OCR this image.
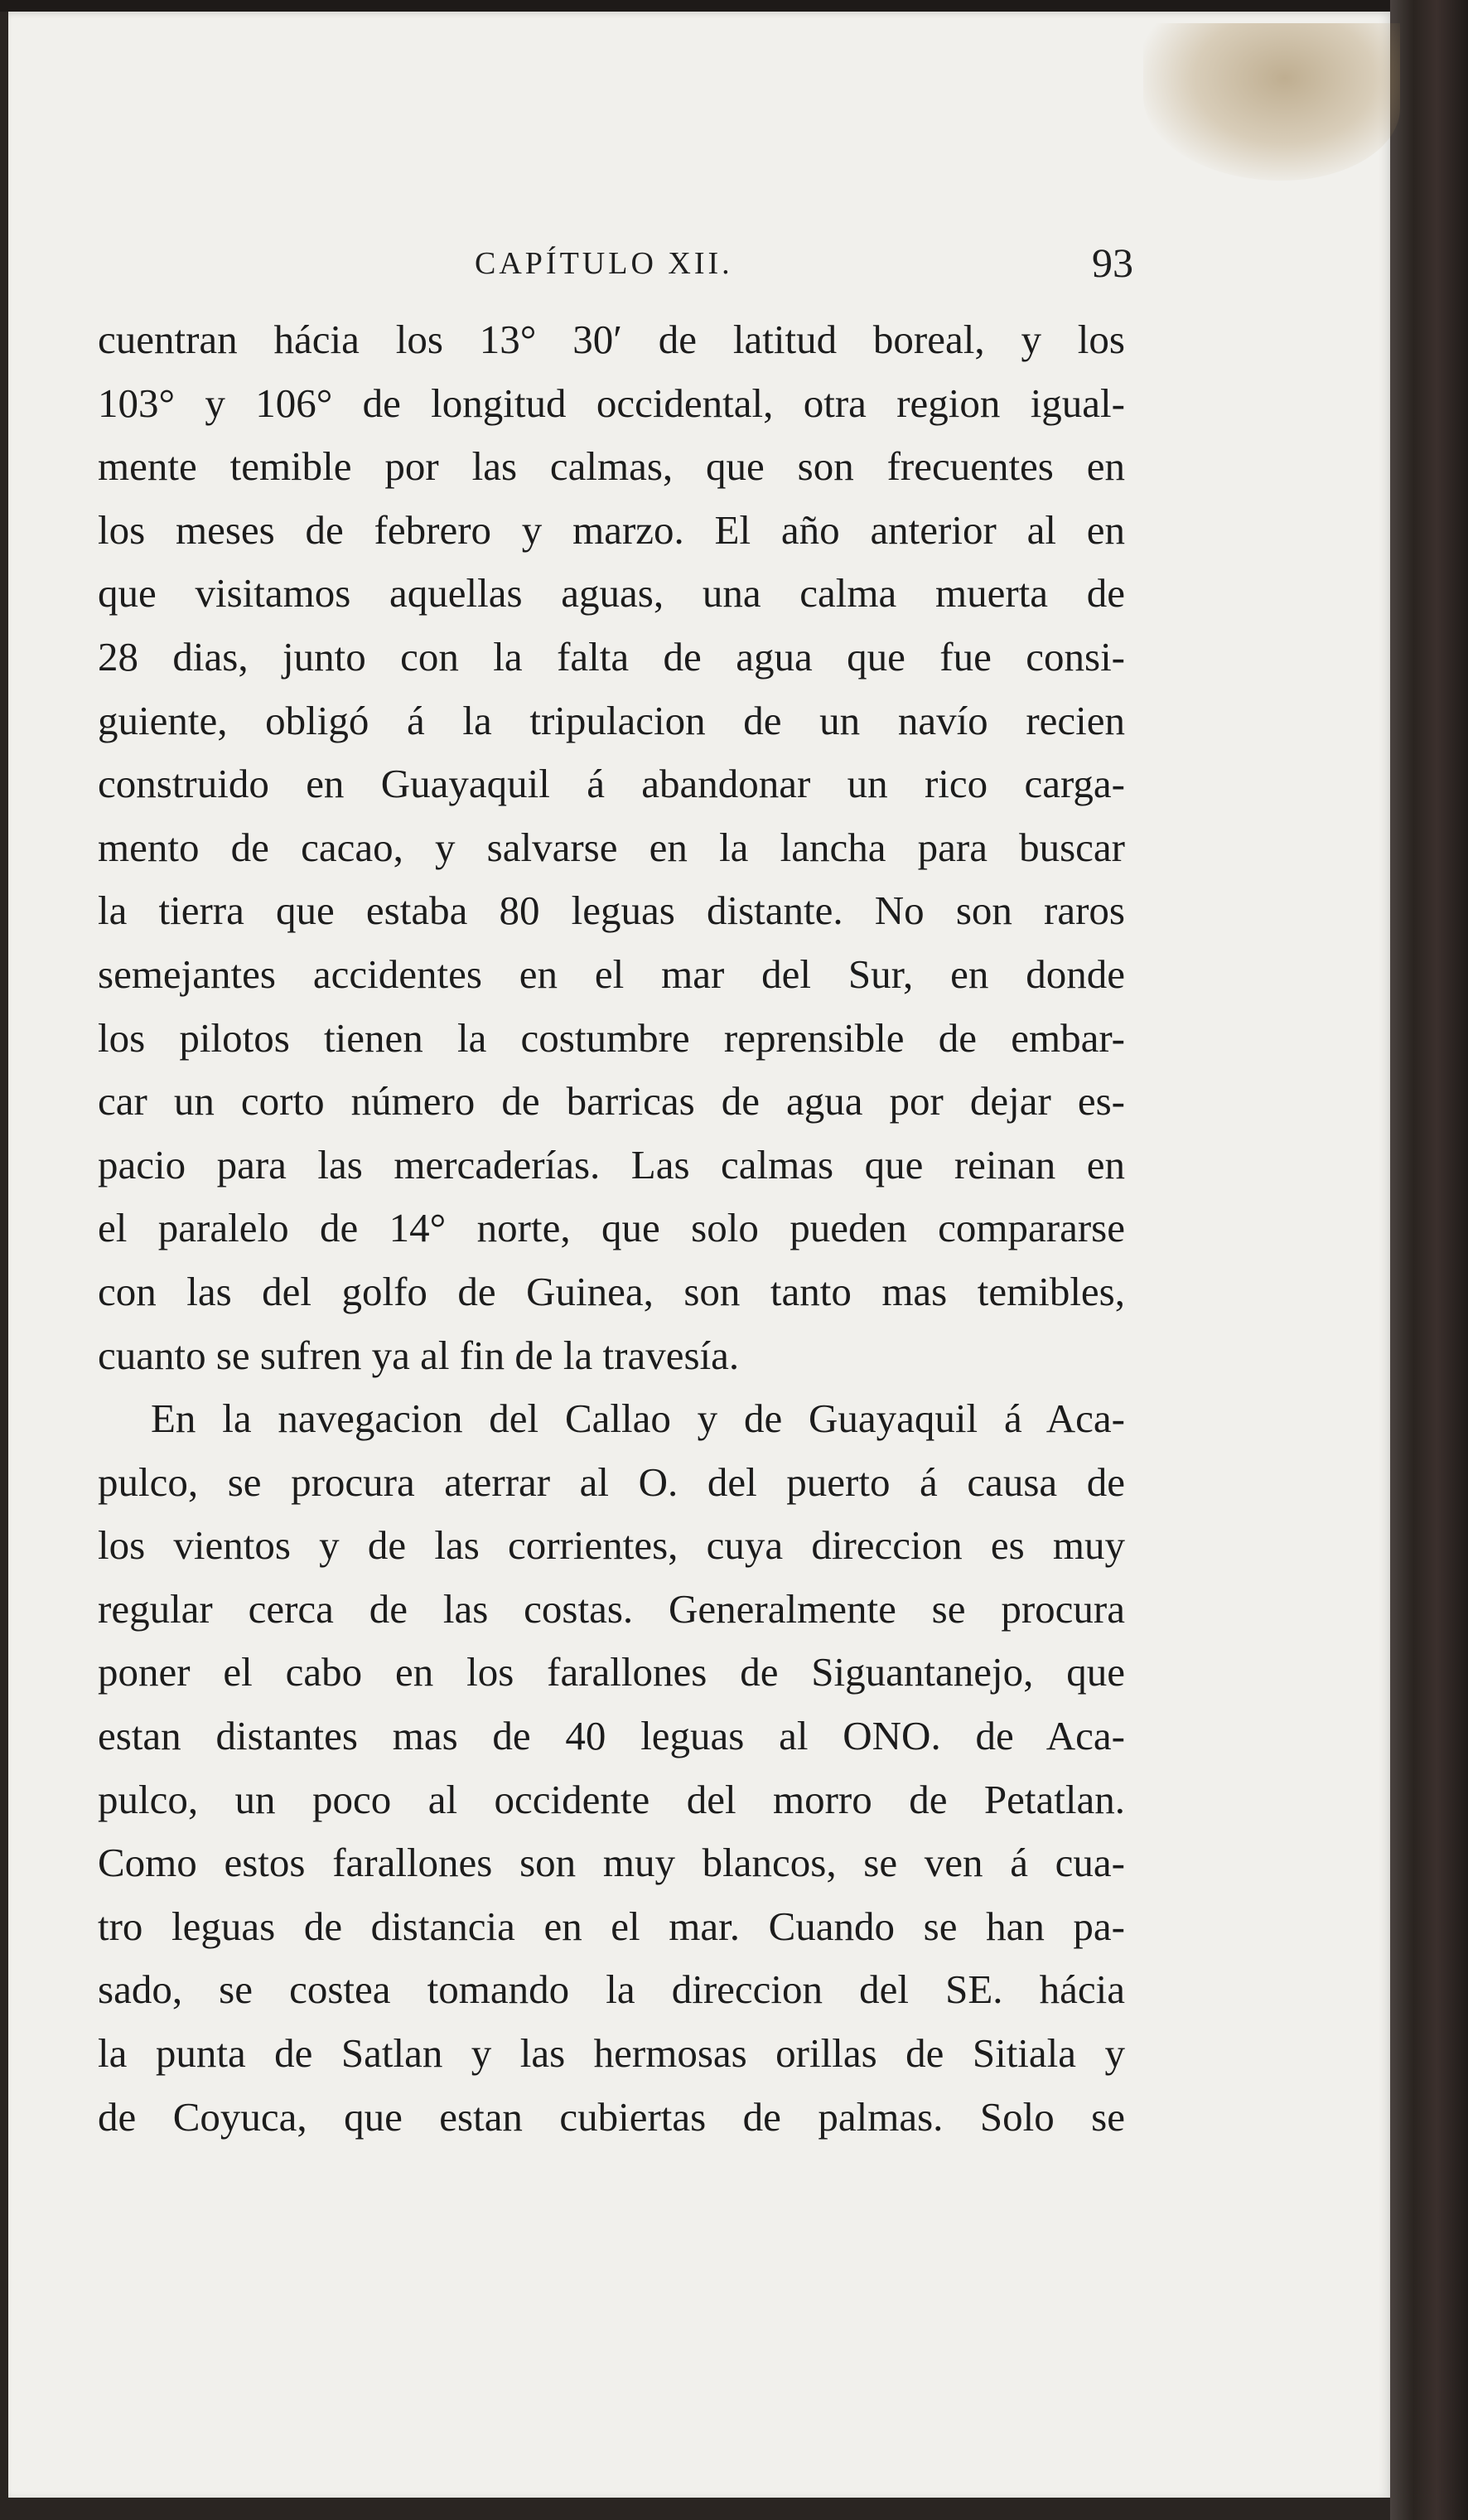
CAPÍTULO XII.	93
cuentran hácia los 13° 30′ de latitud boreal, y los
103° y 106° de longitud occidental, otra region igual-
mente temible por las calmas, que son frecuentes en
los meses de febrero y marzo. El año anterior al en
que visitamos aquellas aguas, una calma muerta de
28 dias, junto con la falta de agua que fue consi-
guiente, obligó á la tripulacion de un navío recien
construido en Guayaquil á abandonar un rico carga-
mento de cacao, y salvarse en la lancha para buscar
la tierra que estaba 80 leguas distante. No son raros
semejantes accidentes en el mar del Sur, en donde
los pilotos tienen la costumbre reprensible de embar-
car un corto número de barricas de agua por dejar es-
pacio para las mercaderías. Las calmas que reinan en
el paralelo de 14° norte, que solo pueden compararse
con las del golfo de Guinea, son tanto mas temibles,
cuanto se sufren ya al fin de la travesía.
En la navegacion del Callao y de Guayaquil á Aca-
pulco, se procura aterrar al O. del puerto á causa de
los vientos y de las corrientes, cuya direccion es muy
regular cerca de las costas. Generalmente se procura
poner el cabo en los farallones de Siguantanejo, que
estan distantes mas de 40 leguas al ONO. de Aca-
pulco, un poco al occidente del morro de Petatlan.
Como estos farallones son muy blancos, se ven á cua-
tro leguas de distancia en el mar. Cuando se han pa-
sado, se costea tomando la direccion del SE. hácia
la punta de Satlan y las hermosas orillas de Sitiala y
de Coyuca, que estan cubiertas de palmas. Solo se
